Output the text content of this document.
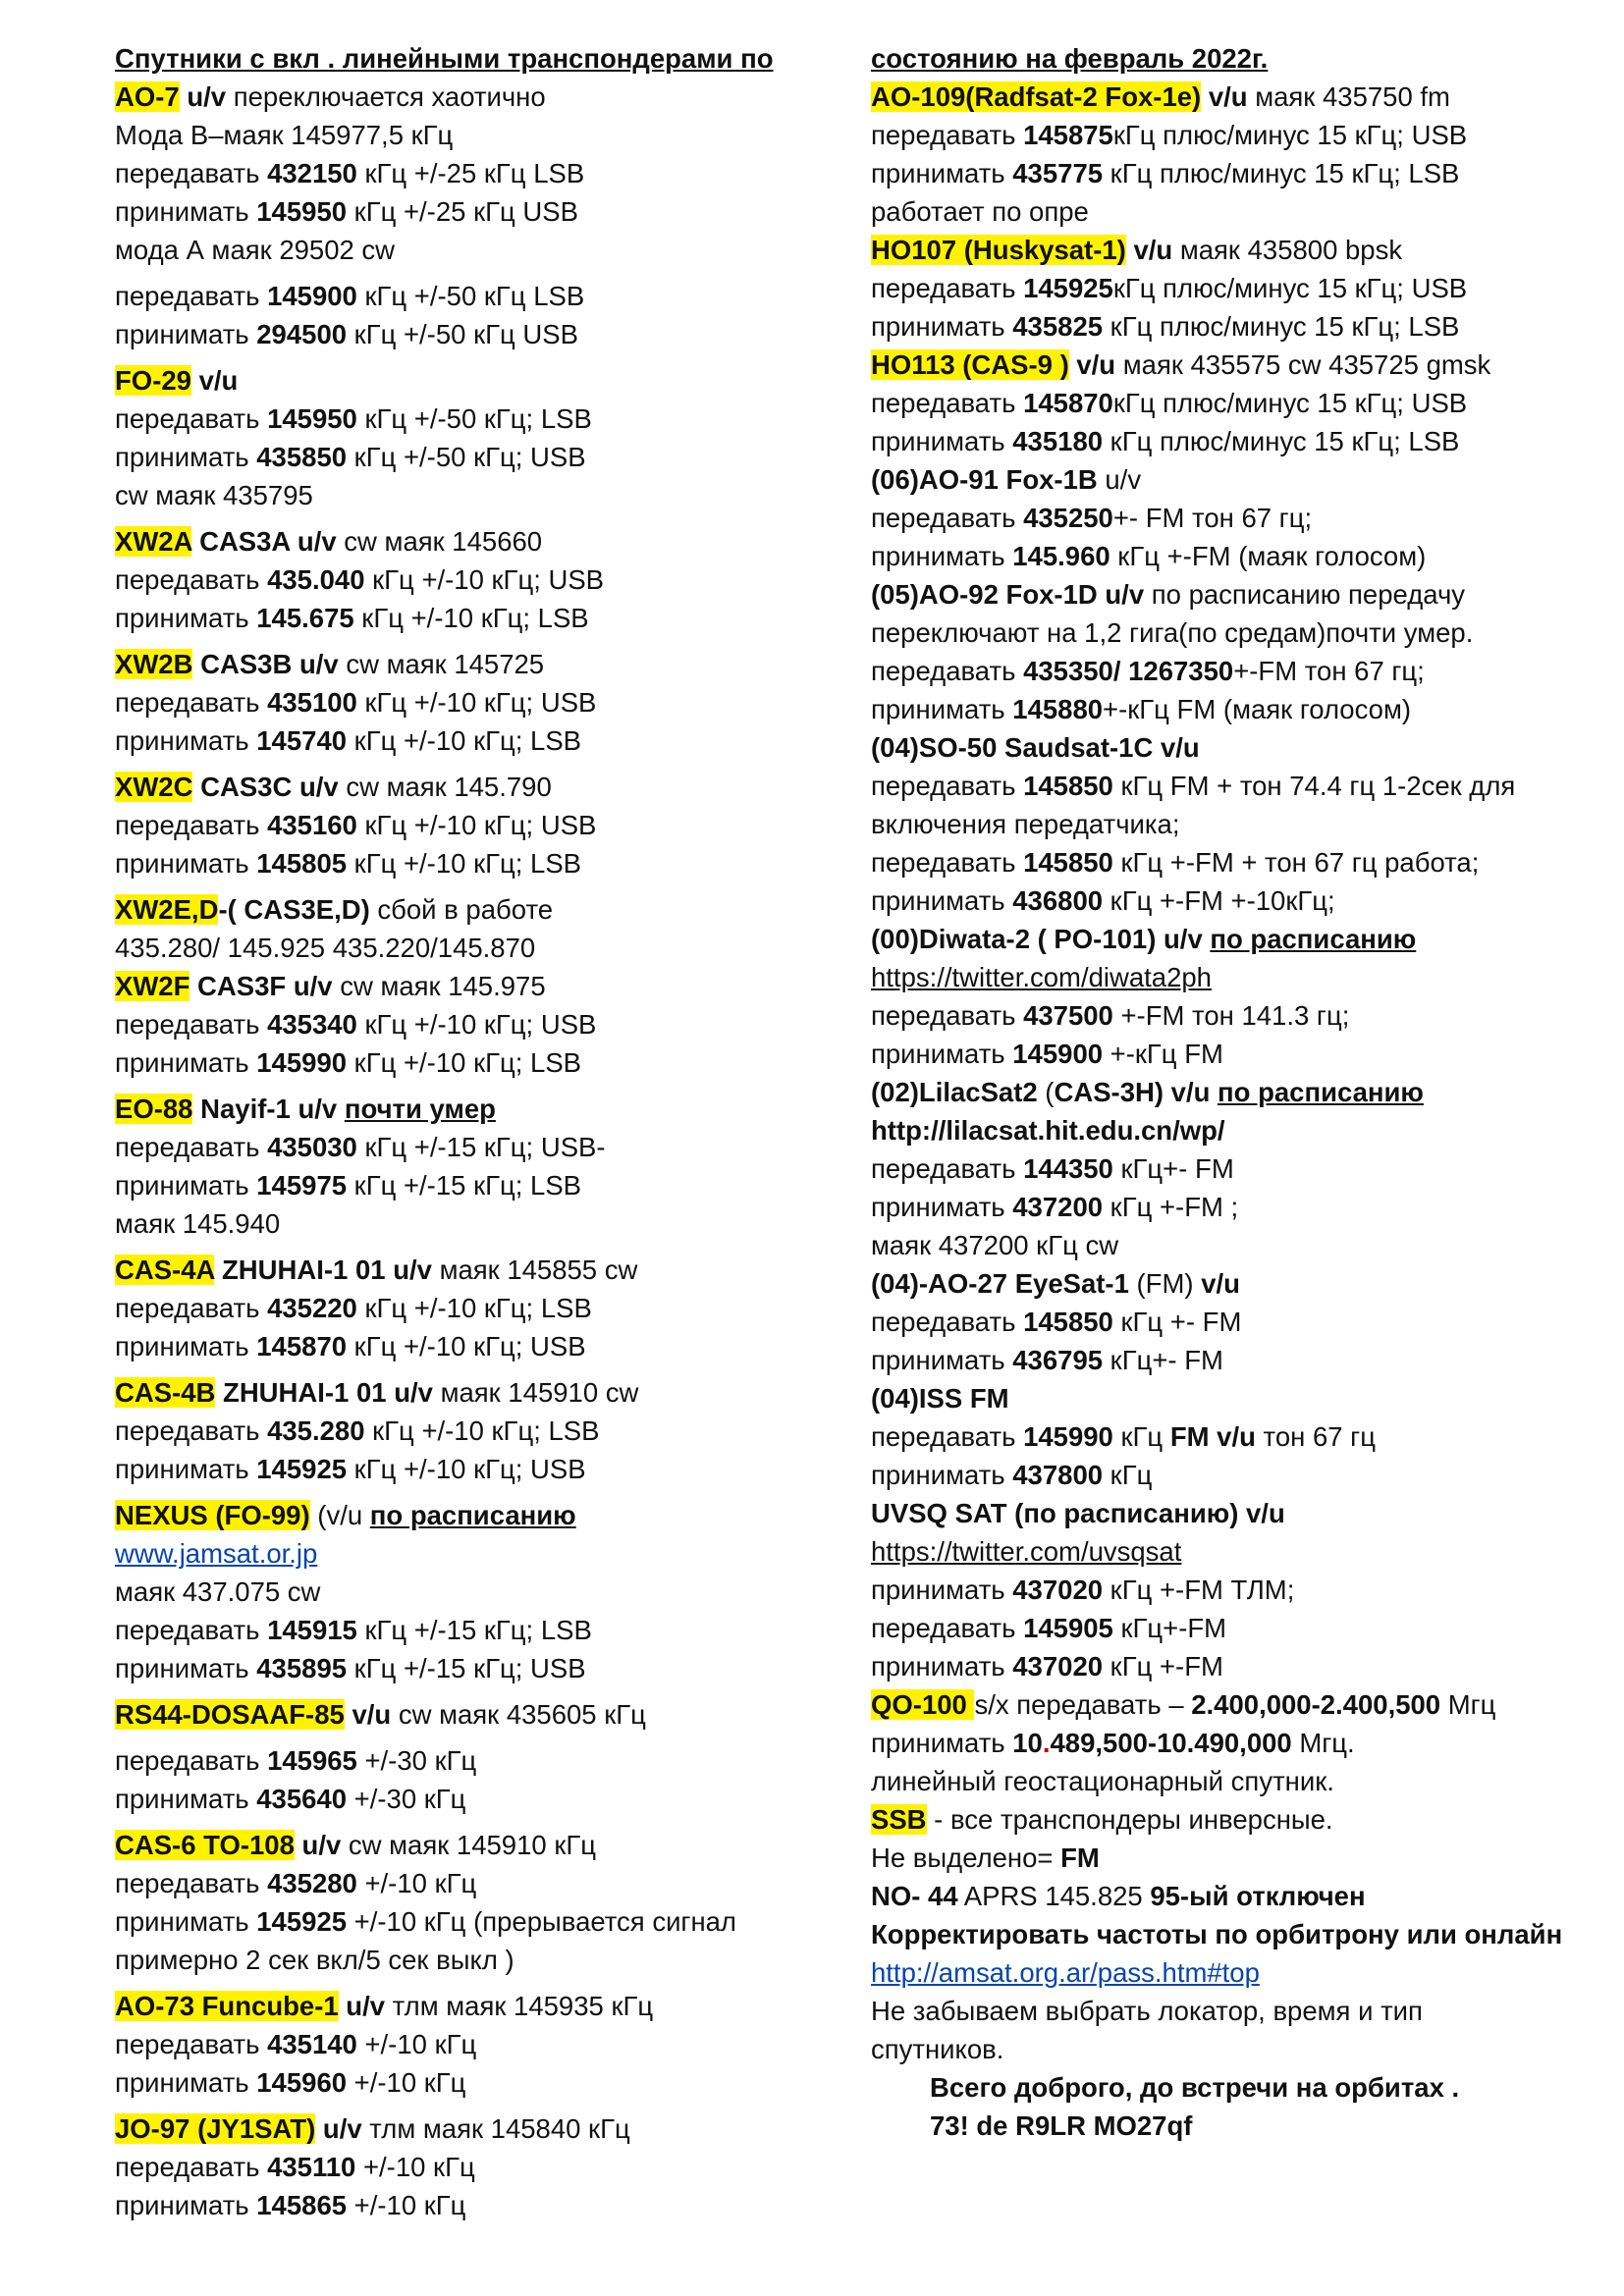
Спутники с вкл . линейными транспондерами по
AO-7 u/v переключается хаотично
Мода В–маяк 145977,5 кГц
передавать 432150 кГц +/-25 кГц LSB
принимать 145950 кГц +/-25 кГц USB
мода А маяк 29502 cw
передавать 145900 кГц +/-50 кГц LSB
принимать 294500 кГц +/-50 кГц USB
FO-29 v/u
передавать 145950 кГц +/-50 кГц; LSB
принимать 435850 кГц +/-50 кГц; USB
cw маяк 435795
XW2A CAS3A u/v cw маяк 145660
передавать 435.040 кГц +/-10 кГц; USB
принимать 145.675 кГц +/-10 кГц; LSB
XW2B CAS3B u/v cw маяк 145725
передавать 435100 кГц +/-10 кГц; USB
принимать 145740 кГц +/-10 кГц; LSB
XW2C CAS3C u/v cw маяк 145.790
передавать 435160 кГц +/-10 кГц; USB
принимать 145805 кГц +/-10 кГц; LSB
XW2E,D-( CAS3E,D) сбой в работе
435.280/ 145.925 435.220/145.870
XW2F CAS3F u/v cw маяк 145.975
передавать 435340 кГц +/-10 кГц; USB
принимать 145990 кГц +/-10 кГц; LSB
EO-88 Nayif-1 u/v почти умер
передавать 435030 кГц +/-15 кГц; USB-
принимать 145975 кГц +/-15 кГц; LSB
маяк 145.940
CAS-4A ZHUHAI-1 01 u/v маяк 145855 cw
передавать 435220 кГц +/-10 кГц; LSB
принимать 145870 кГц +/-10 кГц; USB
CAS-4B ZHUHAI-1 01 u/v маяк 145910 cw
передавать 435.280 кГц +/-10 кГц; LSB
принимать 145925 кГц +/-10 кГц; USB
NEXUS (FO-99) (v/u по расписанию
www.jamsat.or.jp
маяк 437.075 cw
передавать 145915 кГц +/-15 кГц; LSB
принимать 435895 кГц +/-15 кГц; USB
RS44-DOSAAF-85 v/u cw маяк 435605 кГц
передавать 145965 +/-30 кГц
принимать 435640 +/-30 кГц
CAS-6 TO-108 u/v cw маяк 145910 кГц
передавать 435280 +/-10 кГц
принимать 145925 +/-10 кГц (прерывается сигнал
примерно 2 сек вкл/5 сек выкл )
AO-73 Funcube-1 u/v тлм маяк 145935 кГц
передавать 435140 +/-10 кГц
принимать 145960 +/-10 кГц
JO-97 (JY1SAT) u/v тлм маяк 145840 кГц
передавать 435110 +/-10 кГц
принимать 145865 +/-10 кГц
состоянию на февраль 2022г.
AO-109(Radfsat-2 Fox-1e) v/u маяк 435750 fm
передавать 145875кГц плюс/минус 15 кГц; USB
принимать 435775 кГц плюс/минус 15 кГц; LSB
работает по опре
HO107 (Huskysat-1) v/u маяк 435800 bpsk
передавать 145925кГц плюс/минус 15 кГц; USB
принимать 435825 кГц плюс/минус 15 кГц; LSB
HO113 (CAS-9 ) v/u маяк 435575 cw 435725 gmsk
передавать 145870кГц плюс/минус 15 кГц; USB
принимать 435180 кГц плюс/минус 15 кГц; LSB
(06)AO-91 Fox-1B u/v
передавать 435250+- FM тон 67 гц;
принимать 145.960 кГц +-FM (маяк голосом)
(05)AO-92 Fox-1D u/v по расписанию передачу
переключают на 1,2 гига(по средам)почти умер.
передавать 435350/ 1267350+-FM тон 67 гц;
принимать 145880+-кГц FM (маяк голосом)
(04)SO-50 Saudsat-1C v/u
передавать 145850 кГц FM + тон 74.4 гц 1-2сек для
включения передатчика;
передавать 145850 кГц +-FM + тон 67 гц работа;
принимать 436800 кГц +-FM +-10кГц;
(00)Diwata-2 ( PO-101) u/v по расписанию
https://twitter.com/diwata2ph
передавать 437500 +-FM тон 141.3 гц;
принимать 145900 +-кГц FM
(02)LilacSat2 (CAS-3H) v/u по расписанию
http://lilacsat.hit.edu.cn/wp/
передавать 144350 кГц+- FM
принимать 437200 кГц +-FM ;
маяк 437200 кГц cw
(04)-AO-27 EyeSat-1 (FM) v/u
передавать 145850 кГц +- FM
принимать 436795 кГц+- FM
(04)ISS FM
передавать 145990 кГц FM v/u тон 67 гц
принимать 437800 кГц
UVSQ SAT (по расписанию) v/u
https://twitter.com/uvsqsat
принимать 437020 кГц +-FM ТЛМ;
передавать 145905 кГц+-FM
принимать 437020 кГц +-FM
QO-100 s/x передавать – 2.400,000-2.400,500 Мгц
принимать 10.489,500-10.490,000 Мгц.
линейный геостационарный спутник.
SSB - все транспондеры инверсные.
Не выделено= FM
NO- 44 APRS 145.825 95-ый отключен
Корректировать частоты по орбитрону или онлайн
http://amsat.org.ar/pass.htm#top
Не забываем выбрать локатор, время и тип
спутников.
Всего доброго, до встречи на орбитах .
73! de R9LR MO27qf
